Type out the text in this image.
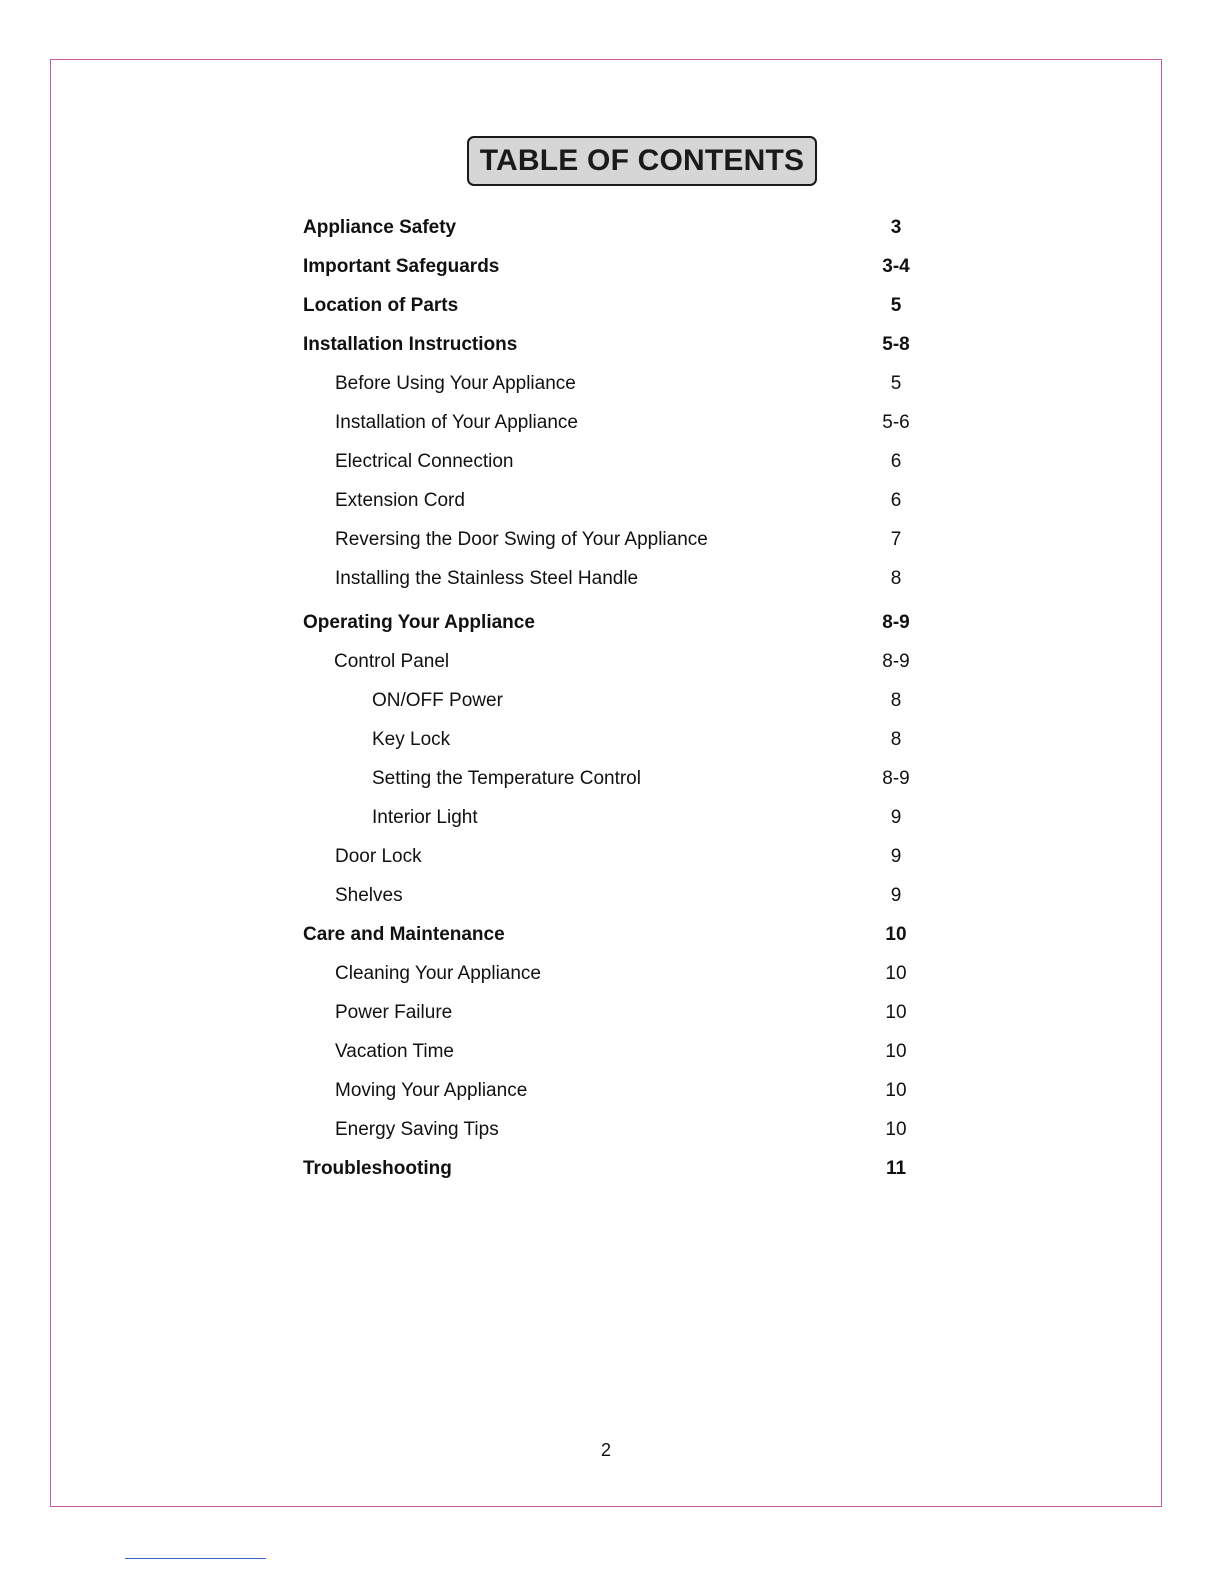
TABLE OF CONTENTS
Appliance Safety	3
Important Safeguards	3-4
Location of Parts	5
Installation Instructions	5-8
Before Using Your Appliance	5
Installation of Your Appliance	5-6
Electrical Connection	6
Extension Cord	6
Reversing the Door Swing of Your Appliance	7
Installing the Stainless Steel Handle	8
Operating Your Appliance	8-9
Control Panel	8-9
ON/OFF Power	8
Key Lock	8
Setting the Temperature Control	8-9
Interior Light	9
Door Lock	9
Shelves	9
Care and Maintenance	10
Cleaning Your Appliance	10
Power Failure	10
Vacation Time	10
Moving Your Appliance	10
Energy Saving Tips	10
Troubleshooting	11
2
